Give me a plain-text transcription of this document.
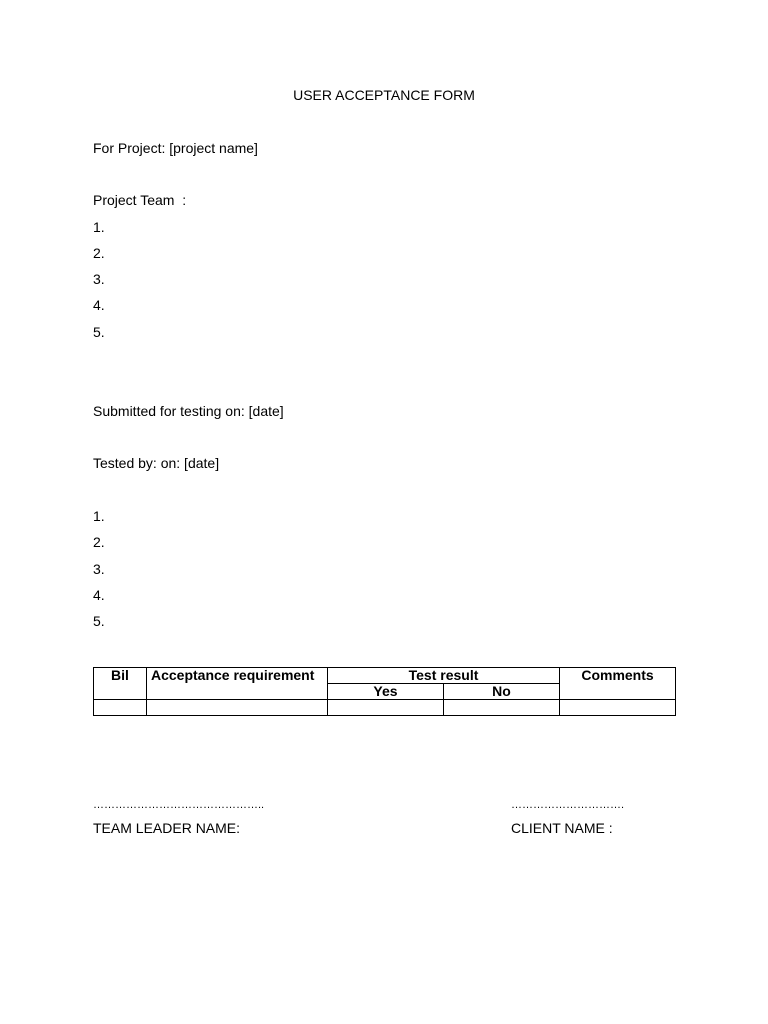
USER ACCEPTANCE FORM
For Project: [project name]
Project Team  :
1.
2.
3.
4.
5.
Submitted for testing on: [date]
Tested by: on: [date]
1.
2.
3.
4.
5.
Bil	Acceptance requirement	Test result		Comments
		Yes	No	

………………………………………..
TEAM LEADER NAME:
………………………….
CLIENT NAME :
